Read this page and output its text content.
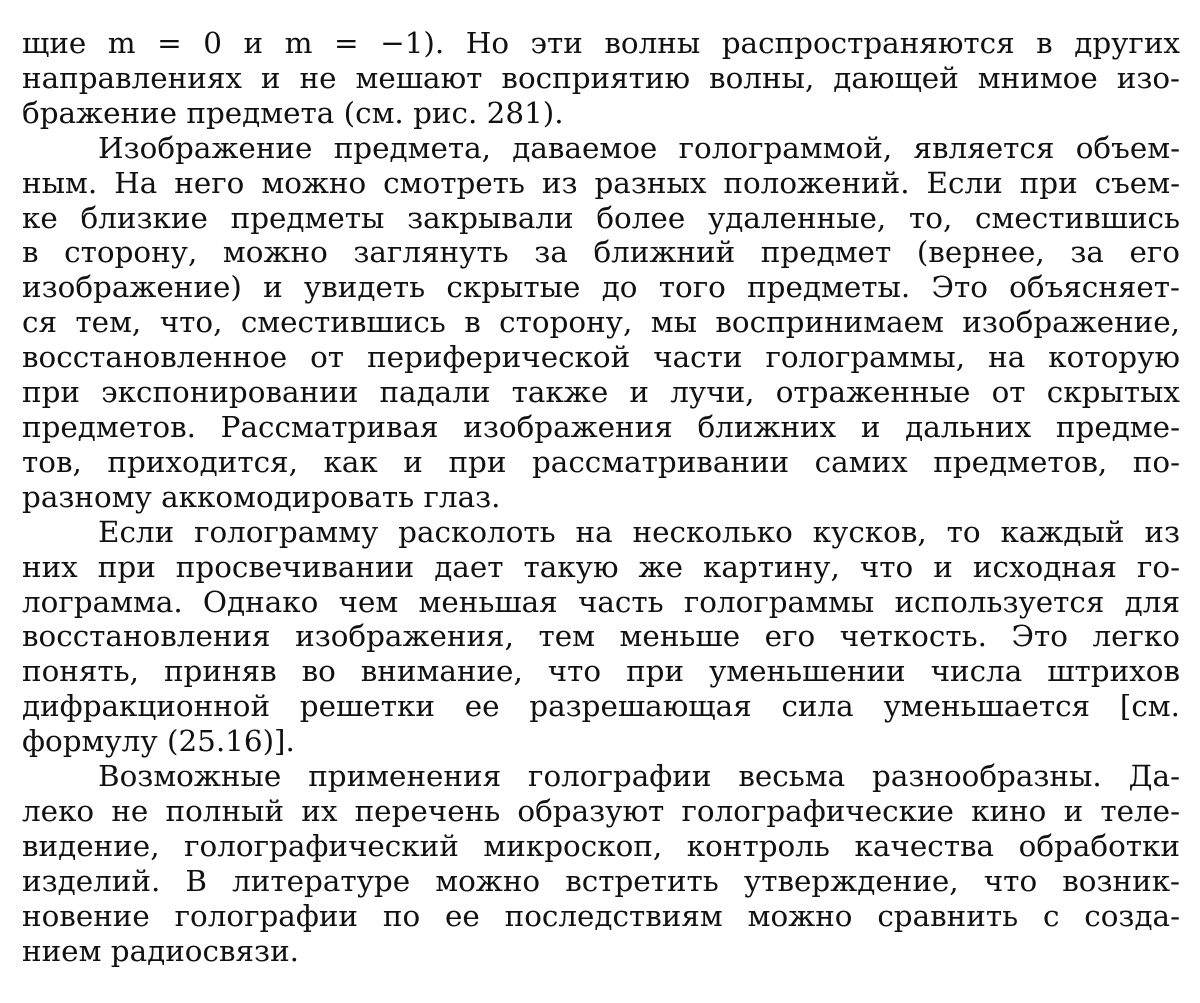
щие m = 0 и m = −1). Но эти волны распространяются в других
направлениях и не мешают восприятию волны, дающей мнимое изо-
бражение предмета (см. рис. 281).
Изображение предмета, даваемое голограммой, является объем-
ным. На него можно смотреть из разных положений. Если при съем-
ке близкие предметы закрывали более удаленные, то, сместившись
в сторону, можно заглянуть за ближний предмет (вернее, за его
изображение) и увидеть скрытые до того предметы. Это объясняет-
ся тем, что, сместившись в сторону, мы воспринимаем изображение,
восстановленное от периферической части голограммы, на которую
при экспонировании падали также и лучи, отраженные от скрытых
предметов. Рассматривая изображения ближних и дальних предме-
тов, приходится, как и при рассматривании самих предметов, по-
разному аккомодировать глаз.
Если голограмму расколоть на несколько кусков, то каждый из
них при просвечивании дает такую же картину, что и исходная го-
лограмма. Однако чем меньшая часть голограммы используется для
восстановления изображения, тем меньше его четкость. Это легко
понять, приняв во внимание, что при уменьшении числа штрихов
дифракционной решетки ее разрешающая сила уменьшается [см.
формулу (25.16)].
Возможные применения голографии весьма разнообразны. Да-
леко не полный их перечень образуют голографические кино и теле-
видение, голографический микроскоп, контроль качества обработки
изделий. В литературе можно встретить утверждение, что возник-
новение голографии по ее последствиям можно сравнить с созда-
нием радиосвязи.
